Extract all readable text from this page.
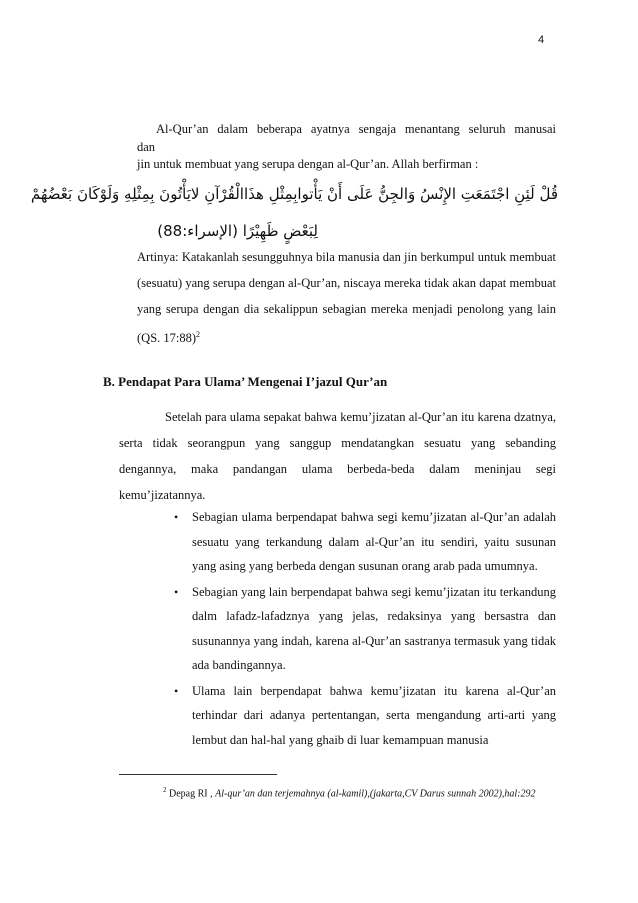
4

Al-Qur’an dalam beberapa ayatnya sengaja menantang seluruh manusai

dan

jin untuk membuat yang serupa dengan al-Qur’an. Allah berfirman :

قُلْ لَئِنِ اجْتَمَعَتِ الإِنْسُ وَالجِنُّ عَلَى أَنْ يَأْتوابِمِثْلِ هذَاالْقُرْآنِ لايَأْتُونَ بِمِثْلِهِ وَلَوْكَانَ بَعْضُهُمْ
لِبَعْضٍ ظَهِيْرًا (الإسراء:88)

Artinya: Katakanlah sesungguhnya bila manusia dan jin berkumpul untuk membuat (sesuatu) yang serupa dengan al-Qur’an, niscaya mereka tidak akan dapat membuat yang serupa dengan dia sekalippun sebagian mereka menjadi penolong yang lain (QS. 17:88)$^2$

B. Pendapat Para Ulama’ Mengenai I’jazul Qur’an

Setelah para ulama sepakat bahwa kemu’jizatan al-Qur’an itu karena dzatnya, serta tidak seorangpun yang sanggup mendatangkan sesuatu yang sebanding dengannya, maka pandangan ulama berbeda-beda dalam meninjau segi kemu’jizatannya.

• Sebagian ulama berpendapat bahwa segi kemu’jizatan al-Qur’an adalah sesuatu yang terkandung dalam al-Qur’an itu sendiri, yaitu susunan yang asing yang berbeda dengan susunan orang arab pada umumnya.
• Sebagian yang lain berpendapat bahwa segi kemu’jizatan itu terkandung dalm lafadz-lafadznya yang jelas, redaksinya yang bersastra dan susunannya yang indah, karena al-Qur’an sastranya termasuk yang tidak ada bandingannya.
• Ulama lain berpendapat bahwa kemu’jizatan itu karena al-Qur’an terhindar dari adanya pertentangan, serta mengandung arti-arti yang lembut dan hal-hal yang ghaib di luar kemampuan manusia

$^2$ Depag RI , Al-qur’an dan terjemahnya (al-kamil),(jakarta,CV Darus sunnah 2002),hal:292
